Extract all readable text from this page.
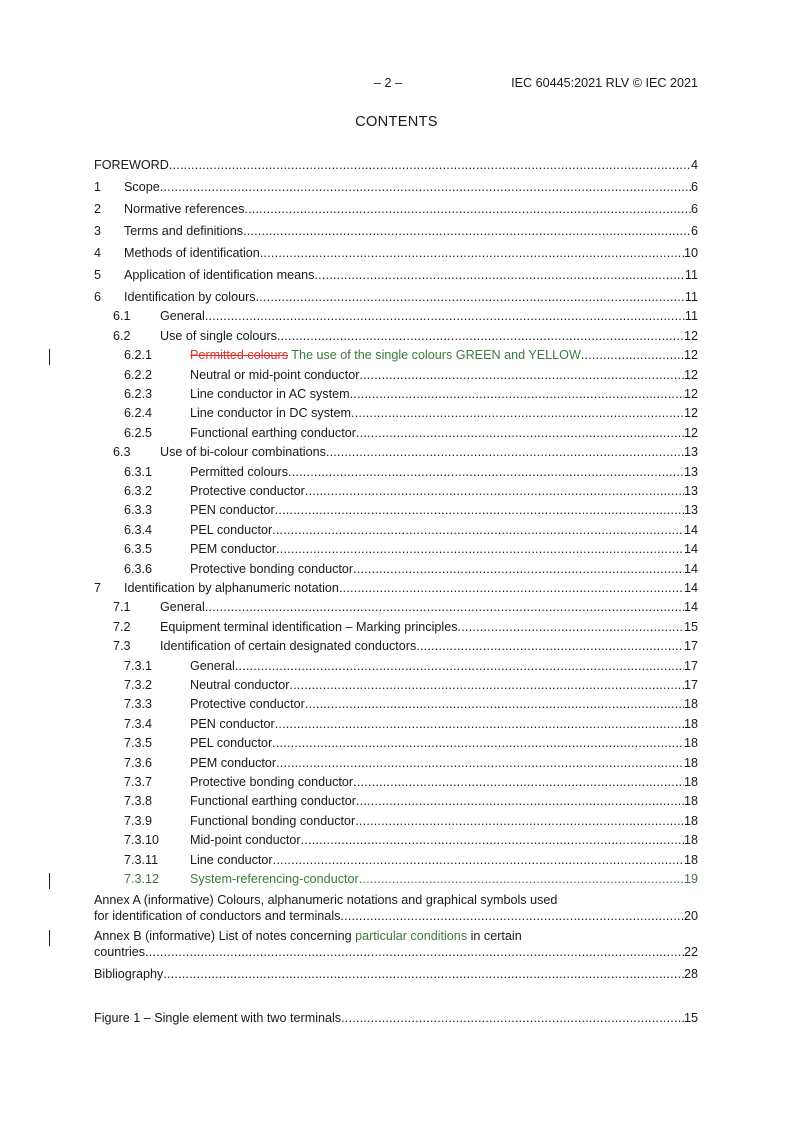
– 2 –	IEC 60445:2021 RLV © IEC 2021
CONTENTS
FOREWORD .....	4
1 Scope .....	6
2 Normative references .....	6
3 Terms and definitions .....	6
4 Methods of identification .....	10
5 Application of identification means .....	11
6 Identification by colours .....	11
6.1 General .....	11
6.2 Use of single colours .....	12
6.2.1	Permitted colours The use of the single colours GREEN and YELLOW .....	12
6.2.2	Neutral or mid-point conductor .....	12
6.2.3	Line conductor in AC system .....	12
6.2.4	Line conductor in DC system .....	12
6.2.5	Functional earthing conductor .....	12
6.3 Use of bi-colour combinations .....	13
6.3.1	Permitted colours .....	13
6.3.2	Protective conductor .....	13
6.3.3	PEN conductor .....	13
6.3.4	PEL conductor .....	14
6.3.5	PEM conductor .....	14
6.3.6	Protective bonding conductor .....	14
7 Identification by alphanumeric notation .....	14
7.1 General .....	14
7.2 Equipment terminal identification – Marking principles .....	15
7.3 Identification of certain designated conductors .....	17
7.3.1	General .....	17
7.3.2	Neutral conductor .....	17
7.3.3	Protective conductor .....	18
7.3.4	PEN conductor .....	18
7.3.5	PEL conductor .....	18
7.3.6	PEM conductor .....	18
7.3.7	Protective bonding conductor .....	18
7.3.8	Functional earthing conductor .....	18
7.3.9	Functional bonding conductor .....	18
7.3.10 Mid-point conductor .....	18
7.3.11	Line conductor .....	18
7.3.12 System-referencing-conductor .....	19
Annex A (informative) Colours, alphanumeric notations and graphical symbols used
for identification of conductors and terminals .....	20
Annex B (informative) List of notes concerning particular conditions in certain
countries .....	22
Bibliography .....	28
Figure 1 – Single element with two terminals .....	15
